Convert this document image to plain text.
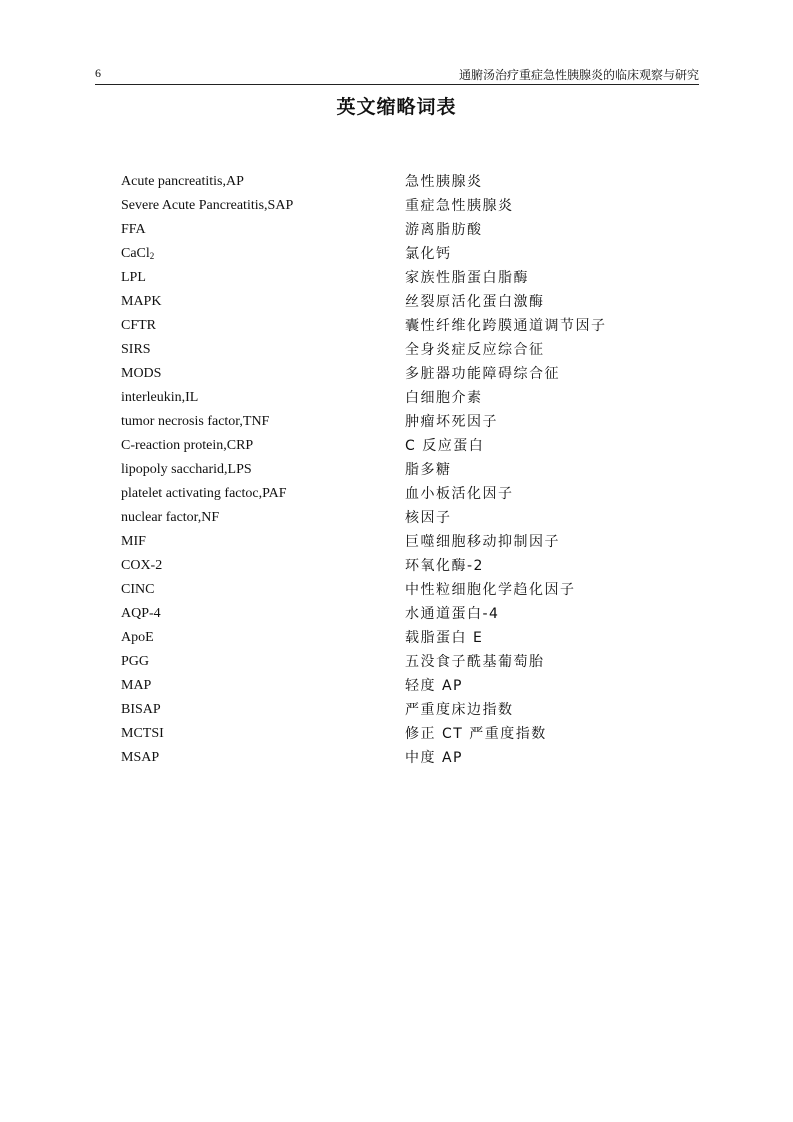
6	通腑汤治疗重症急性胰腺炎的临床观察与研究
英文缩略词表
Acute pancreatitis,AP	急性胰腺炎
Severe Acute Pancreatitis,SAP	重症急性胰腺炎
FFA	游离脂肪酸
CaCl$_2$	氯化钙
LPL	家族性脂蛋白脂酶
MAPK	丝裂原活化蛋白激酶
CFTR	囊性纤维化跨膜通道调节因子
SIRS	全身炎症反应综合征
MODS	多脏器功能障碍综合征
interleukin,IL	白细胞介素
tumor necrosis factor,TNF	肿瘤坏死因子
C-reaction protein,CRP	C 反应蛋白
lipopoly saccharid,LPS	脂多糖
platelet activating factoc,PAF	血小板活化因子
nuclear factor,NF	核因子
MIF	巨噬细胞移动抑制因子
COX-2	环氧化酶-2
CINC	中性粒细胞化学趋化因子
AQP-4	水通道蛋白-4
ApoE	载脂蛋白 E
PGG	五没食子酰基葡萄胎
MAP	轻度 AP
BISAP	严重度床边指数
MCTSI	修正 CT 严重度指数
MSAP	中度 AP
